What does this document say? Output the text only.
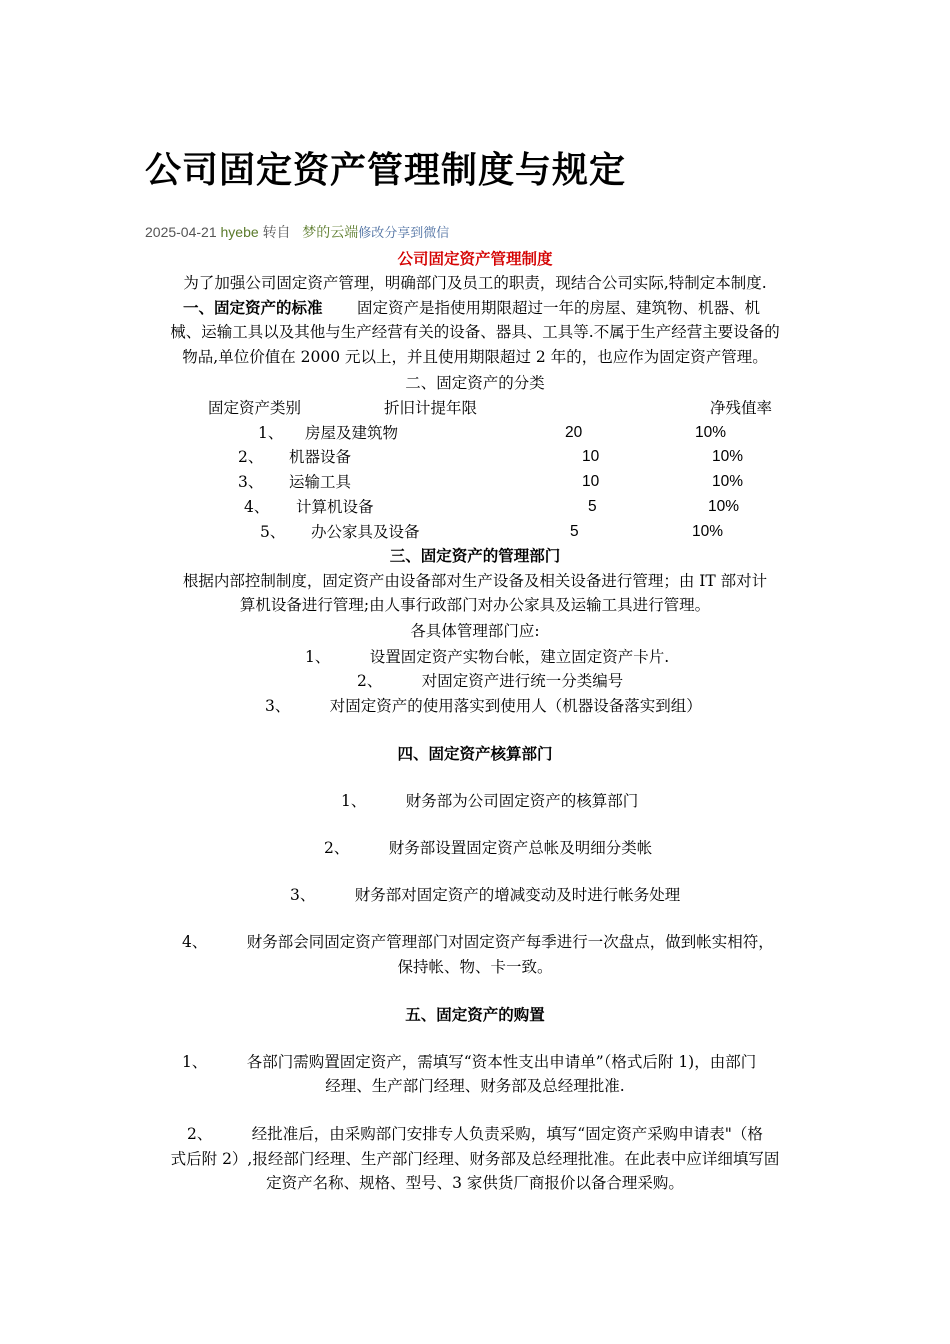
公司固定资产管理制度与规定
2025-04-21 hyebe 转自 梦的云端修改分享到微信
公司固定资产管理制度
为了加强公司固定资产管理，明确部门及员工的职责，现结合公司实际,特制定本制度.
一、固定资产的标准 固定资产是指使用期限超过一年的房屋、建筑物、机器、机
械、运输工具以及其他与生产经营有关的设备、器具、工具等.不属于生产经营主要设备的
物品,单位价值在 2000 元以上，并且使用期限超过 2 年的，也应作为固定资产管理。
二、固定资产的分类
固定资产类别	折旧计提年限	净残值率
1、 房屋及建筑物	20	10%
2、 机器设备	10	10%
3、 运输工具	10	10%
4、 计算机设备	5	10%
5、 办公家具及设备	5	10%
三、固定资产的管理部门
根据内部控制制度，固定资产由设备部对生产设备及相关设备进行管理；由 IT 部对计
算机设备进行管理;由人事行政部门对办公家具及运输工具进行管理。
各具体管理部门应:
1、	设置固定资产实物台帐，建立固定资产卡片.
2、	对固定资产进行统一分类编号
3、	对固定资产的使用落实到使用人（机器设备落实到组）
四、固定资产核算部门
1、	财务部为公司固定资产的核算部门
2、	财务部设置固定资产总帐及明细分类帐
3、	财务部对固定资产的增减变动及时进行帐务处理
4、	财务部会同固定资产管理部门对固定资产每季进行一次盘点，做到帐实相符，
保持帐、物、卡一致。
五、固定资产的购置
1、	各部门需购置固定资产，需填写“资本性支出申请单”（格式后附 1)，由部门
经理、生产部门经理、财务部及总经理批准.
2、	经批准后，由采购部门安排专人负责采购，填写“固定资产采购申请表"（格
式后附 2）,报经部门经理、生产部门经理、财务部及总经理批准。在此表中应详细填写固
定资产名称、规格、型号、3 家供货厂商报价以备合理采购。
